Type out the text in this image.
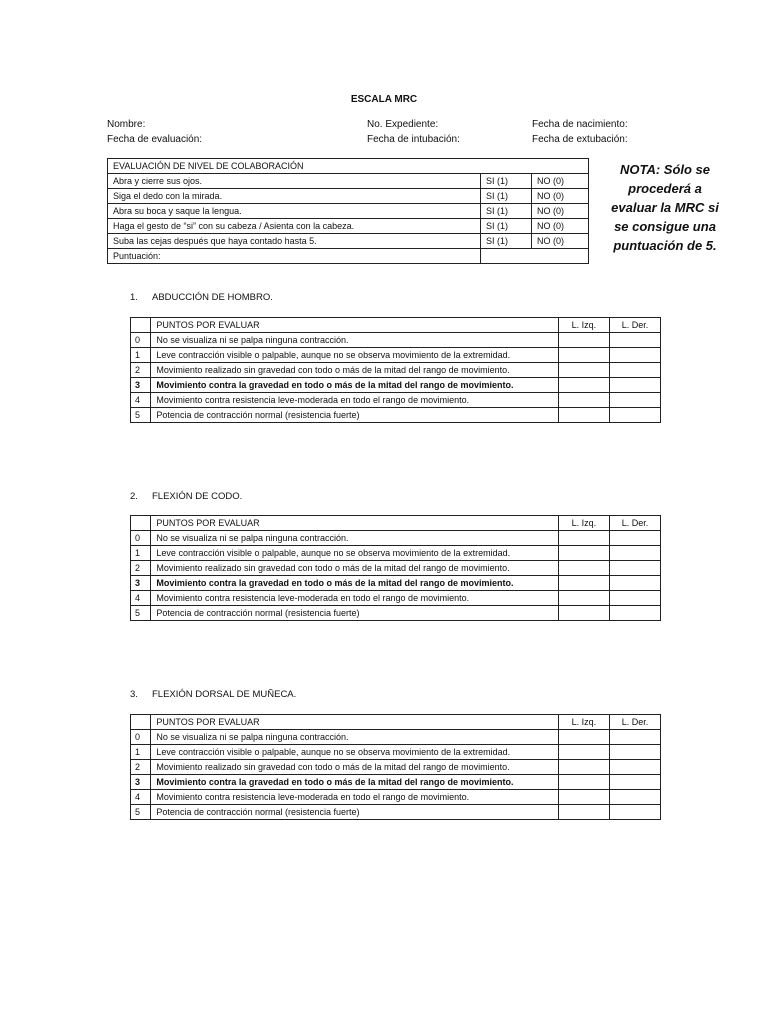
ESCALA MRC
Nombre:	No. Expediente:	Fecha de nacimiento:
Fecha de evaluación:	Fecha de intubación:	Fecha de extubación:
EVALUACIÓN DE NIVEL DE COLABORACIÓN		
Abra y cierre sus ojos.	SI (1)	NO (0)
Siga el dedo con la mirada.	SI (1)	NO (0)
Abra su boca y saque la lengua.	SI (1)	NO (0)
Haga el gesto de “si” con su cabeza / Asienta con la cabeza.	SI (1)	NO (0)
Suba las cejas después que haya contado hasta 5.	SI (1)	NO (0)
Puntuación:		
NOTA: Sólo se
procederá a
evaluar la MRC si
se consigue una
puntuación de 5.
1. ABDUCCIÓN DE HOMBRO.
	PUNTOS POR EVALUAR	L. Izq.	L. Der.
0	No se visualiza ni se palpa ninguna contracción.		
1	Leve contracción visible o palpable, aunque no se observa movimiento de la extremidad.		
2	Movimiento realizado sin gravedad con todo o más de la mitad del rango de movimiento.		
3	Movimiento contra la gravedad en todo o más de la mitad del rango de movimiento.		
4	Movimiento contra resistencia leve-moderada en todo el rango de movimiento.		
5	Potencia de contracción normal (resistencia fuerte)		
2. FLEXIÓN DE CODO.
	PUNTOS POR EVALUAR	L. Izq.	L. Der.
0	No se visualiza ni se palpa ninguna contracción.		
1	Leve contracción visible o palpable, aunque no se observa movimiento de la extremidad.		
2	Movimiento realizado sin gravedad con todo o más de la mitad del rango de movimiento.		
3	Movimiento contra la gravedad en todo o más de la mitad del rango de movimiento.		
4	Movimiento contra resistencia leve-moderada en todo el rango de movimiento.		
5	Potencia de contracción normal (resistencia fuerte)		
3. FLEXIÓN DORSAL DE MUÑECA.
	PUNTOS POR EVALUAR	L. Izq.	L. Der.
0	No se visualiza ni se palpa ninguna contracción.		
1	Leve contracción visible o palpable, aunque no se observa movimiento de la extremidad.		
2	Movimiento realizado sin gravedad con todo o más de la mitad del rango de movimiento.		
3	Movimiento contra la gravedad en todo o más de la mitad del rango de movimiento.		
4	Movimiento contra resistencia leve-moderada en todo el rango de movimiento.		
5	Potencia de contracción normal (resistencia fuerte)		
